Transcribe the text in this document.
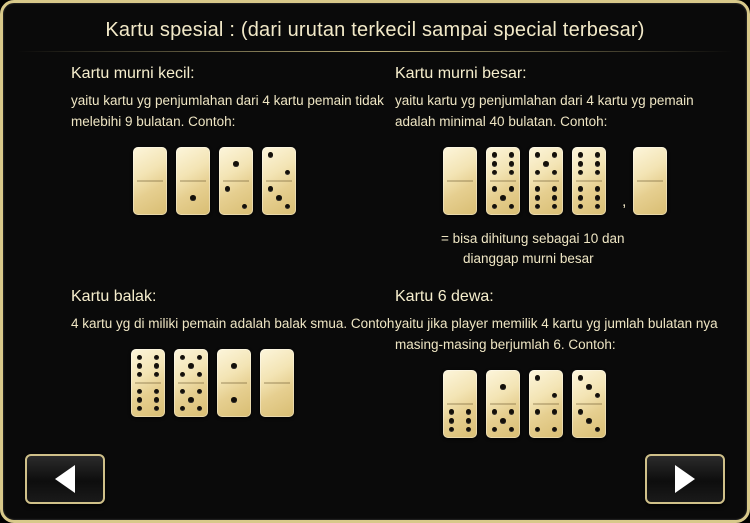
Kartu spesial : (dari urutan terkecil sampai special terbesar)
Kartu murni kecil:
yaitu kartu yg penjumlahan dari 4 kartu pemain tidak melebihi 9 bulatan. Contoh:
Kartu murni besar:
yaitu kartu yg penjumlahan dari 4 kartu yg pemain adalah minimal 40 bulatan. Contoh:
,
= bisa dihitung sebagai 10 dan
dianggap murni besar
Kartu balak:
4 kartu yg di miliki pemain adalah balak smua. Contoh:
Kartu 6 dewa:
yaitu jika player memilik 4 kartu yg jumlah bulatan nya masing-masing berjumlah 6. Contoh:
